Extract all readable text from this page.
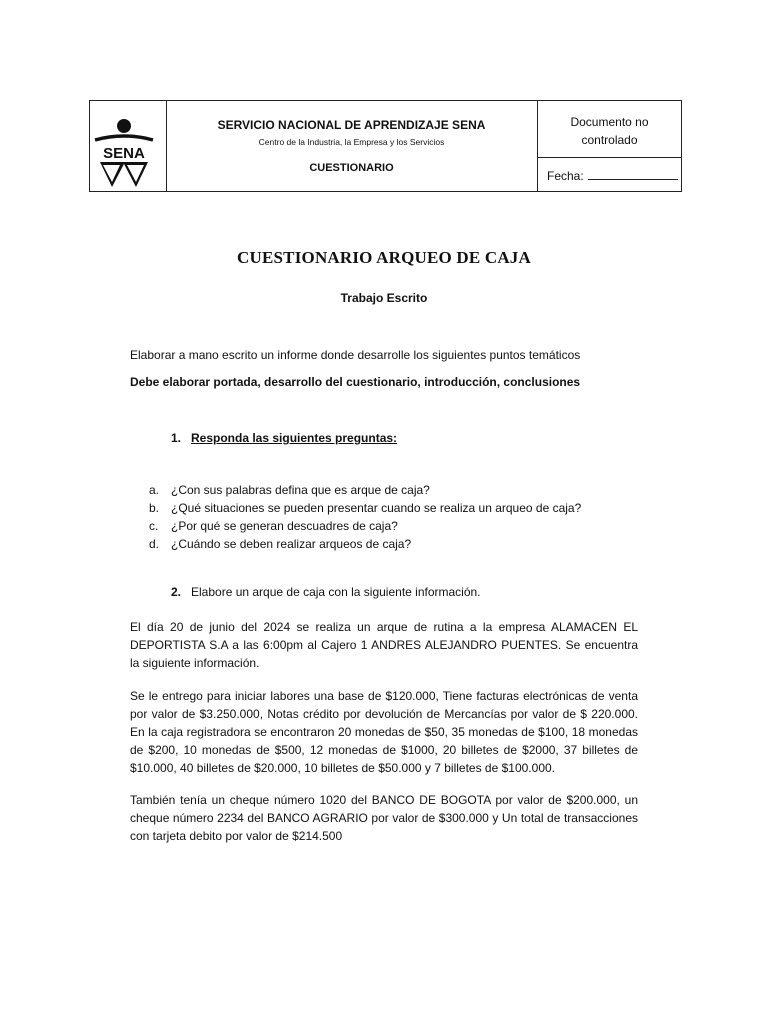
SENA
SERVICIO NACIONAL DE APRENDIZAJE SENA
Centro de la Industria, la Empresa y los Servicios
CUESTIONARIO
Documento no
controlado
Fecha:
CUESTIONARIO ARQUEO DE CAJA
Trabajo Escrito
Elaborar a mano escrito un informe donde desarrolle los siguientes puntos temáticos
Debe elaborar portada, desarrollo del cuestionario, introducción, conclusiones
1. Responda las siguientes preguntas:
a. ¿Con sus palabras defina que es arque de caja?
b. ¿Qué situaciones se pueden presentar cuando se realiza un arqueo de caja?
c.	¿Por qué se generan descuadres de caja?
d. ¿Cuándo se deben realizar arqueos de caja?
2. Elabore un arque de caja con la siguiente información.
El día 20 de junio del 2024 se realiza un arque de rutina a la empresa ALAMACEN EL DEPORTISTA S.A a las 6:00pm al Cajero 1 ANDRES ALEJANDRO PUENTES. Se encuentra la siguiente información.
Se le entrego para iniciar labores una base de $120.000, Tiene facturas electrónicas de venta por valor de $3.250.000, Notas crédito por devolución de Mercancías por valor de $ 220.000. En la caja registradora se encontraron 20 monedas de $50, 35 monedas de $100, 18 monedas de $200, 10 monedas de $500, 12 monedas de $1000, 20 billetes de $2000, 37 billetes de $10.000, 40 billetes de $20.000, 10 billetes de $50.000 y 7 billetes de $100.000.
También tenía un cheque número 1020 del BANCO DE BOGOTA por valor de $200.000, un cheque número 2234 del BANCO AGRARIO por valor de $300.000 y Un total de transacciones con tarjeta debito por valor de $214.500
